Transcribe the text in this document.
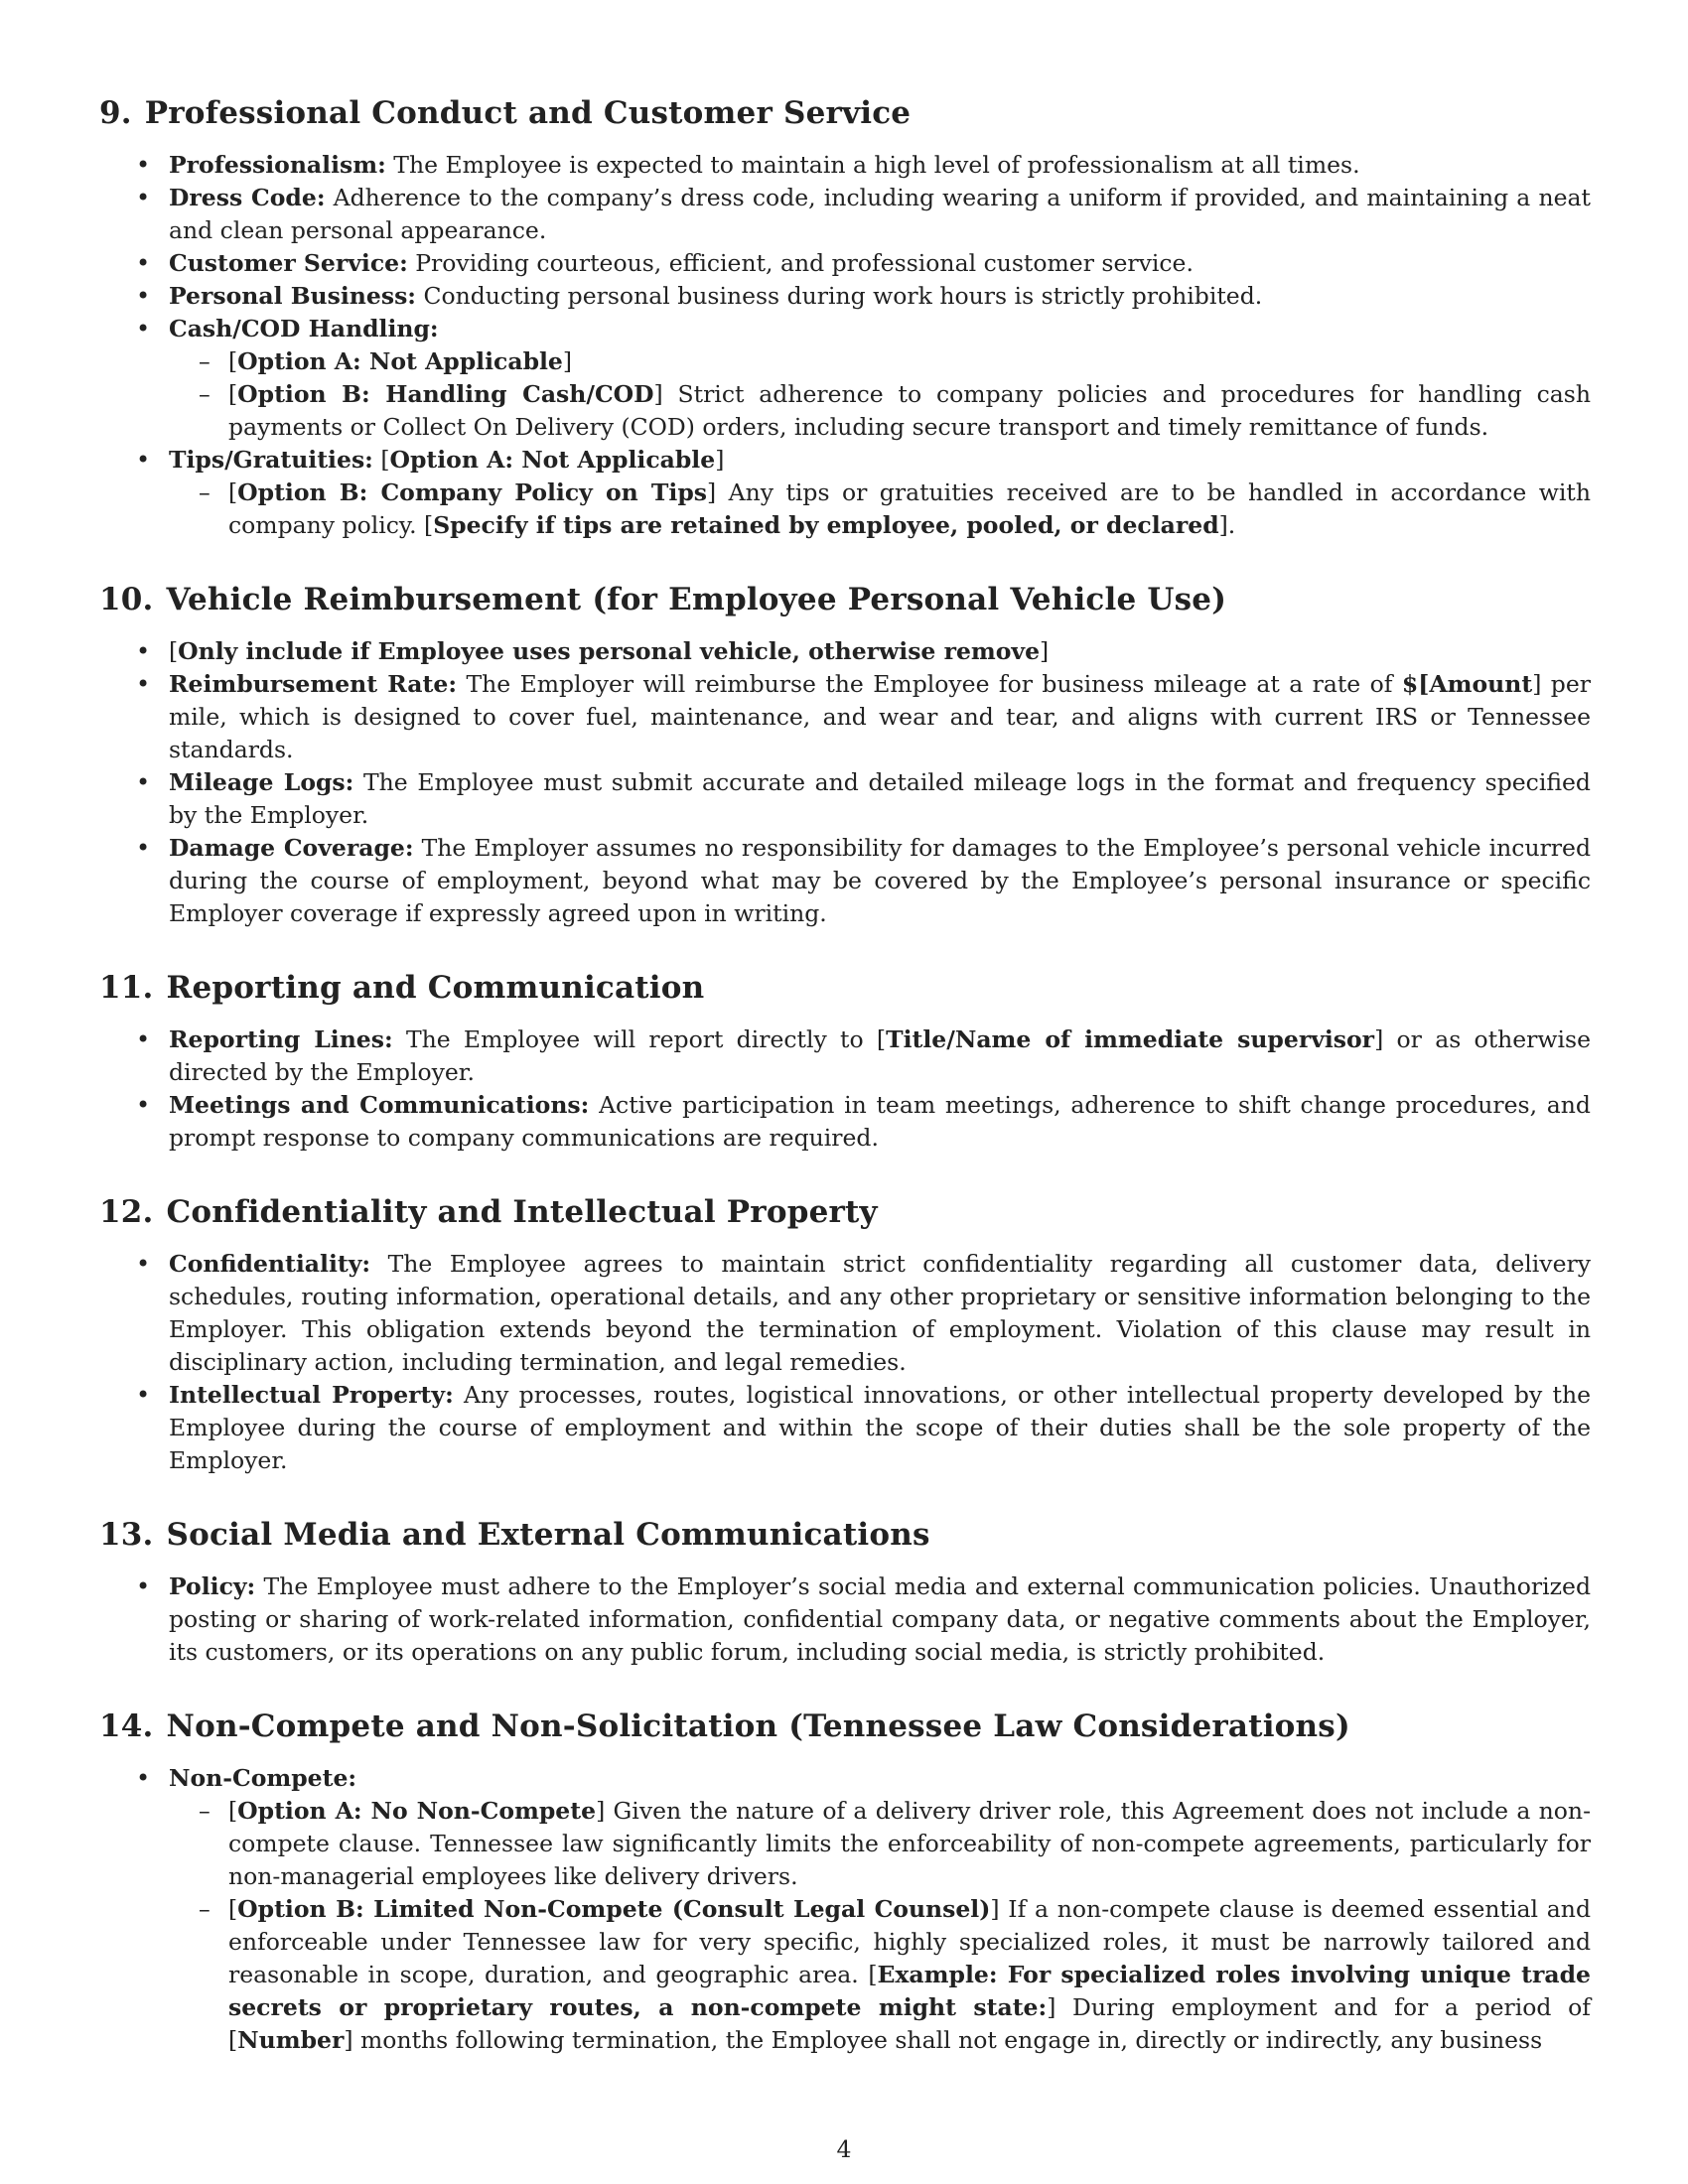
9. Professional Conduct and Customer Service
• Professionalism: The Employee is expected to maintain a high level of professionalism at all times.
• Dress Code: Adherence to the company’s dress code, including wearing a uniform if provided, and maintaining a neat and clean personal appearance.
• Customer Service: Providing courteous, efficient, and professional customer service.
• Personal Business: Conducting personal business during work hours is strictly prohibited.
• Cash/COD Handling:
– [Option A: Not Applicable]
– [Option B: Handling Cash/COD] Strict adherence to company policies and procedures for handling cash payments or Collect On Delivery (COD) orders, including secure transport and timely remittance of funds.
• Tips/Gratuities: [Option A: Not Applicable]
– [Option B: Company Policy on Tips] Any tips or gratuities received are to be handled in accordance with company policy. [Specify if tips are retained by employee, pooled, or declared].
10. Vehicle Reimbursement (for Employee Personal Vehicle Use)
• [Only include if Employee uses personal vehicle, otherwise remove]
• Reimbursement Rate: The Employer will reimburse the Employee for business mileage at a rate of $[Amount] per mile, which is designed to cover fuel, maintenance, and wear and tear, and aligns with current IRS or Tennessee standards.
• Mileage Logs: The Employee must submit accurate and detailed mileage logs in the format and frequency specified by the Employer.
• Damage Coverage: The Employer assumes no responsibility for damages to the Employee’s personal vehicle incurred during the course of employment, beyond what may be covered by the Employee’s personal insurance or specific Employer coverage if expressly agreed upon in writing.
11. Reporting and Communication
• Reporting Lines: The Employee will report directly to [Title/Name of immediate supervisor] or as otherwise directed by the Employer.
• Meetings and Communications: Active participation in team meetings, adherence to shift change procedures, and prompt response to company communications are required.
12. Confidentiality and Intellectual Property
• Confidentiality: The Employee agrees to maintain strict confidentiality regarding all customer data, delivery schedules, routing information, operational details, and any other proprietary or sensitive information belonging to the Employer. This obligation extends beyond the termination of employment. Violation of this clause may result in disciplinary action, including termination, and legal remedies.
• Intellectual Property: Any processes, routes, logistical innovations, or other intellectual property developed by the Employee during the course of employment and within the scope of their duties shall be the sole property of the Employer.
13. Social Media and External Communications
• Policy: The Employee must adhere to the Employer’s social media and external communication policies. Unauthorized posting or sharing of work-related information, confidential company data, or negative comments about the Employer, its customers, or its operations on any public forum, including social media, is strictly prohibited.
14. Non-Compete and Non-Solicitation (Tennessee Law Considerations)
• Non-Compete:
– [Option A: No Non-Compete] Given the nature of a delivery driver role, this Agreement does not include a non-compete clause. Tennessee law significantly limits the enforceability of non-compete agreements, particularly for non-managerial employees like delivery drivers.
– [Option B: Limited Non-Compete (Consult Legal Counsel)] If a non-compete clause is deemed essential and enforceable under Tennessee law for very specific, highly specialized roles, it must be narrowly tailored and reasonable in scope, duration, and geographic area. [Example: For specialized roles involving unique trade secrets or proprietary routes, a non-compete might state:] During employment and for a period of [Number] months following termination, the Employee shall not engage in, directly or indirectly, any business
4
